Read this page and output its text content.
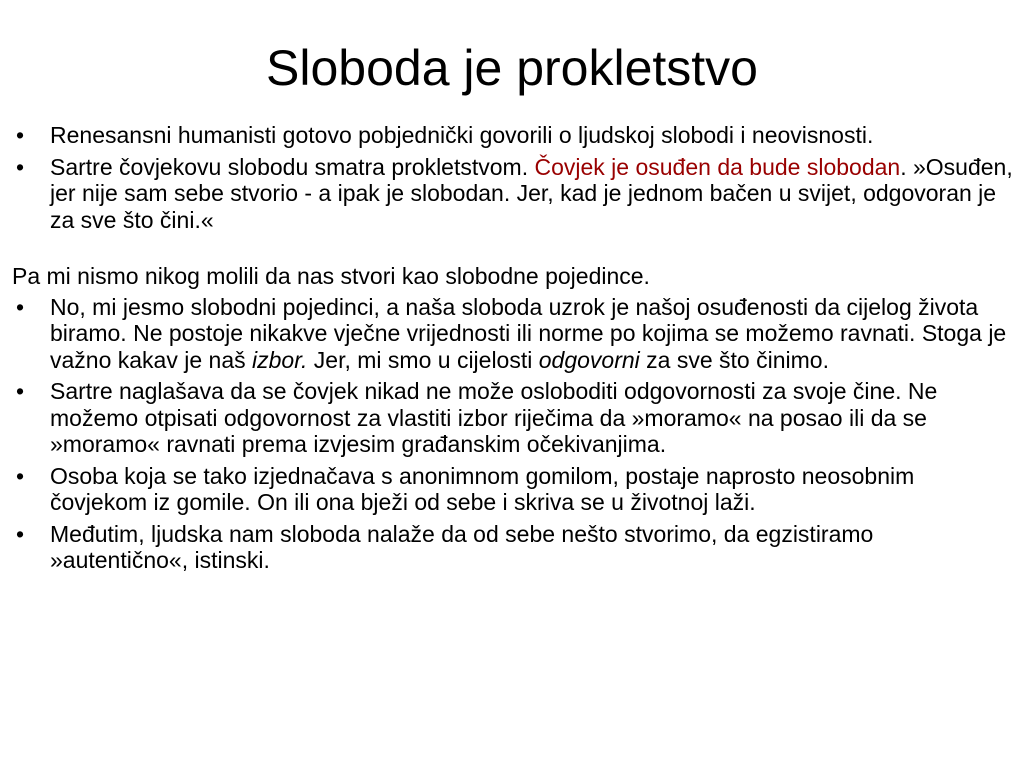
Sloboda je prokletstvo
• Renesansni humanisti gotovo pobjednički govorili o ljudskoj slobodi i neovisnosti.
• Sartre čovjekovu slobodu smatra prokletstvom. Čovjek je osuđen da bude slobodan. »Osuđen, jer nije sam sebe stvorio - a ipak je slobodan. Jer, kad je jednom bačen u svijet, odgovoran je za sve što čini.«
Pa mi nismo nikog molili da nas stvori kao slobodne pojedince.
• No, mi jesmo slobodni pojedinci, a naša sloboda uzrok je našoj osuđenosti da cijelog života biramo. Ne postoje nikakve vječne vrijednosti ili norme po kojima se možemo ravnati. Stoga je važno kakav je naš izbor. Jer, mi smo u cijelosti odgovorni za sve što činimo.
• Sartre naglašava da se čovjek nikad ne može osloboditi odgovornosti za svoje čine. Ne možemo otpisati odgovornost za vlastiti izbor riječima da »moramo« na posao ili da se »moramo« ravnati prema izvjesim građanskim očekivanjima.
• Osoba koja se tako izjednačava s anonimnom gomilom, postaje naprosto neosobnim čovjekom iz gomile. On ili ona bježi od sebe i skriva se u životnoj laži.
• Međutim, ljudska nam sloboda nalaže da od sebe nešto stvorimo, da egzistiramo »autentično«, istinski.
